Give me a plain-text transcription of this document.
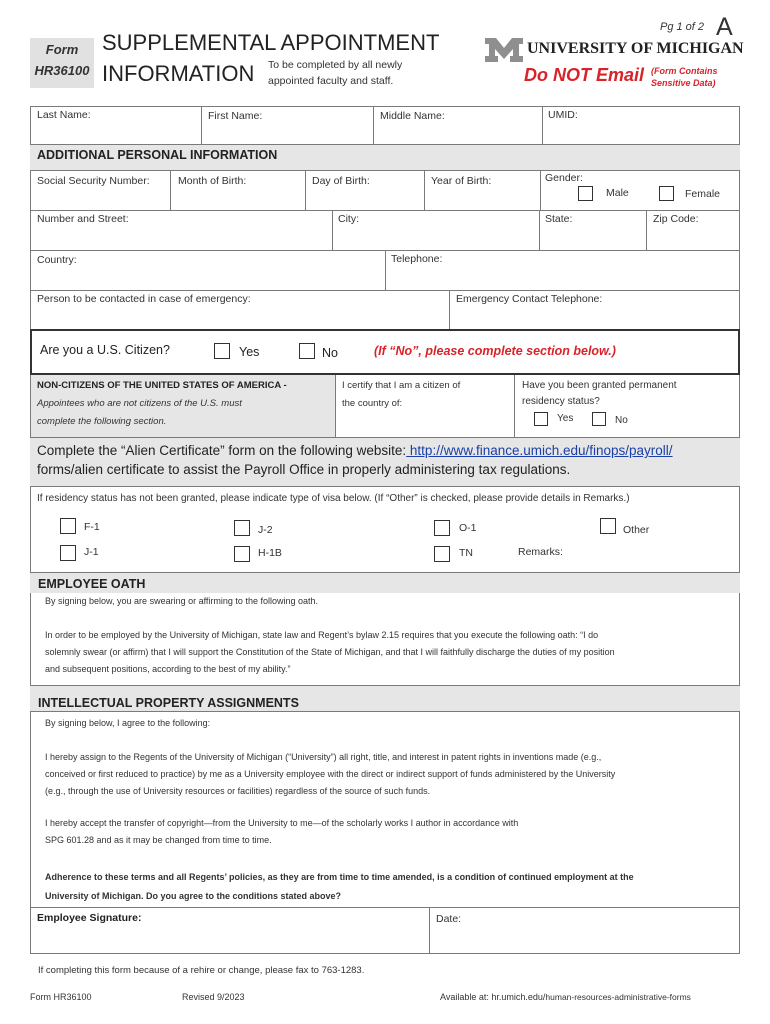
Form
HR36100
SUPPLEMENTAL APPOINTMENT
INFORMATION To be completed by all newly
appointed faculty and staff.
Pg 1 of 2 A
UNIVERSITY OF MICHIGAN
Do NOT Email (Form Contains
Sensitive Data)
Last Name:	First Name:	Middle Name:	UMID:
ADDITIONAL PERSONAL INFORMATION
Social Security Number:	Month of Birth:	Day of Birth:	Year of Birth:	Gender:
Male	Female
Number and Street:	City:	State:	Zip Code:
Country:	Telephone:
Person to be contacted in case of emergency:	Emergency Contact Telephone:
Are you a U.S. Citizen?	Yes	No	(If “No”, please complete section below.)
NON-CITIZENS OF THE UNITED STATES OF AMERICA -
Appointees who are not citizens of the U.S. must
complete the following section.
I certify that I am a citizen of
the country of:
Have you been granted permanent
residency status?
Yes	No
Complete the “Alien Certificate” form on the following website: http://www.finance.umich.edu/finops/payroll/
forms/alien certificate to assist the Payroll Office in properly administering tax regulations.
If residency status has not been granted, please indicate type of visa below. (If “Other” is checked, please provide details in Remarks.)
F-1	J-2	O-1	Other
J-1	H-1B	TN	Remarks:
EMPLOYEE OATH
By signing below, you are swearing or affirming to the following oath.
In order to be employed by the University of Michigan, state law and Regent’s bylaw 2.15 requires that you execute the following oath: “I do
solemnly swear (or affirm) that I will support the Constitution of the State of Michigan, and that I will faithfully discharge the duties of my position
and subsequent positions, according to the best of my ability.”
INTELLECTUAL PROPERTY ASSIGNMENTS
By signing below, I agree to the following:
I hereby assign to the Regents of the University of Michigan (“University”) all right, title, and interest in patent rights in inventions made (e.g.,
conceived or first reduced to practice) by me as a University employee with the direct or indirect support of funds administered by the University
(e.g., through the use of University resources or facilities) regardless of the source of such funds.
I hereby accept the transfer of copyright—from the University to me—of the scholarly works I author in accordance with
SPG 601.28 and as it may be changed from time to time.
Adherence to these terms and all Regents’ policies, as they are from time to time amended, is a condition of continued employment at the
University of Michigan. Do you agree to the conditions stated above?
Employee Signature:	Date:
If completing this form because of a rehire or change, please fax to 763-1283.
Form HR36100	Revised 9/2023	Available at: hr.umich.edu/human-resources-administrative-forms
